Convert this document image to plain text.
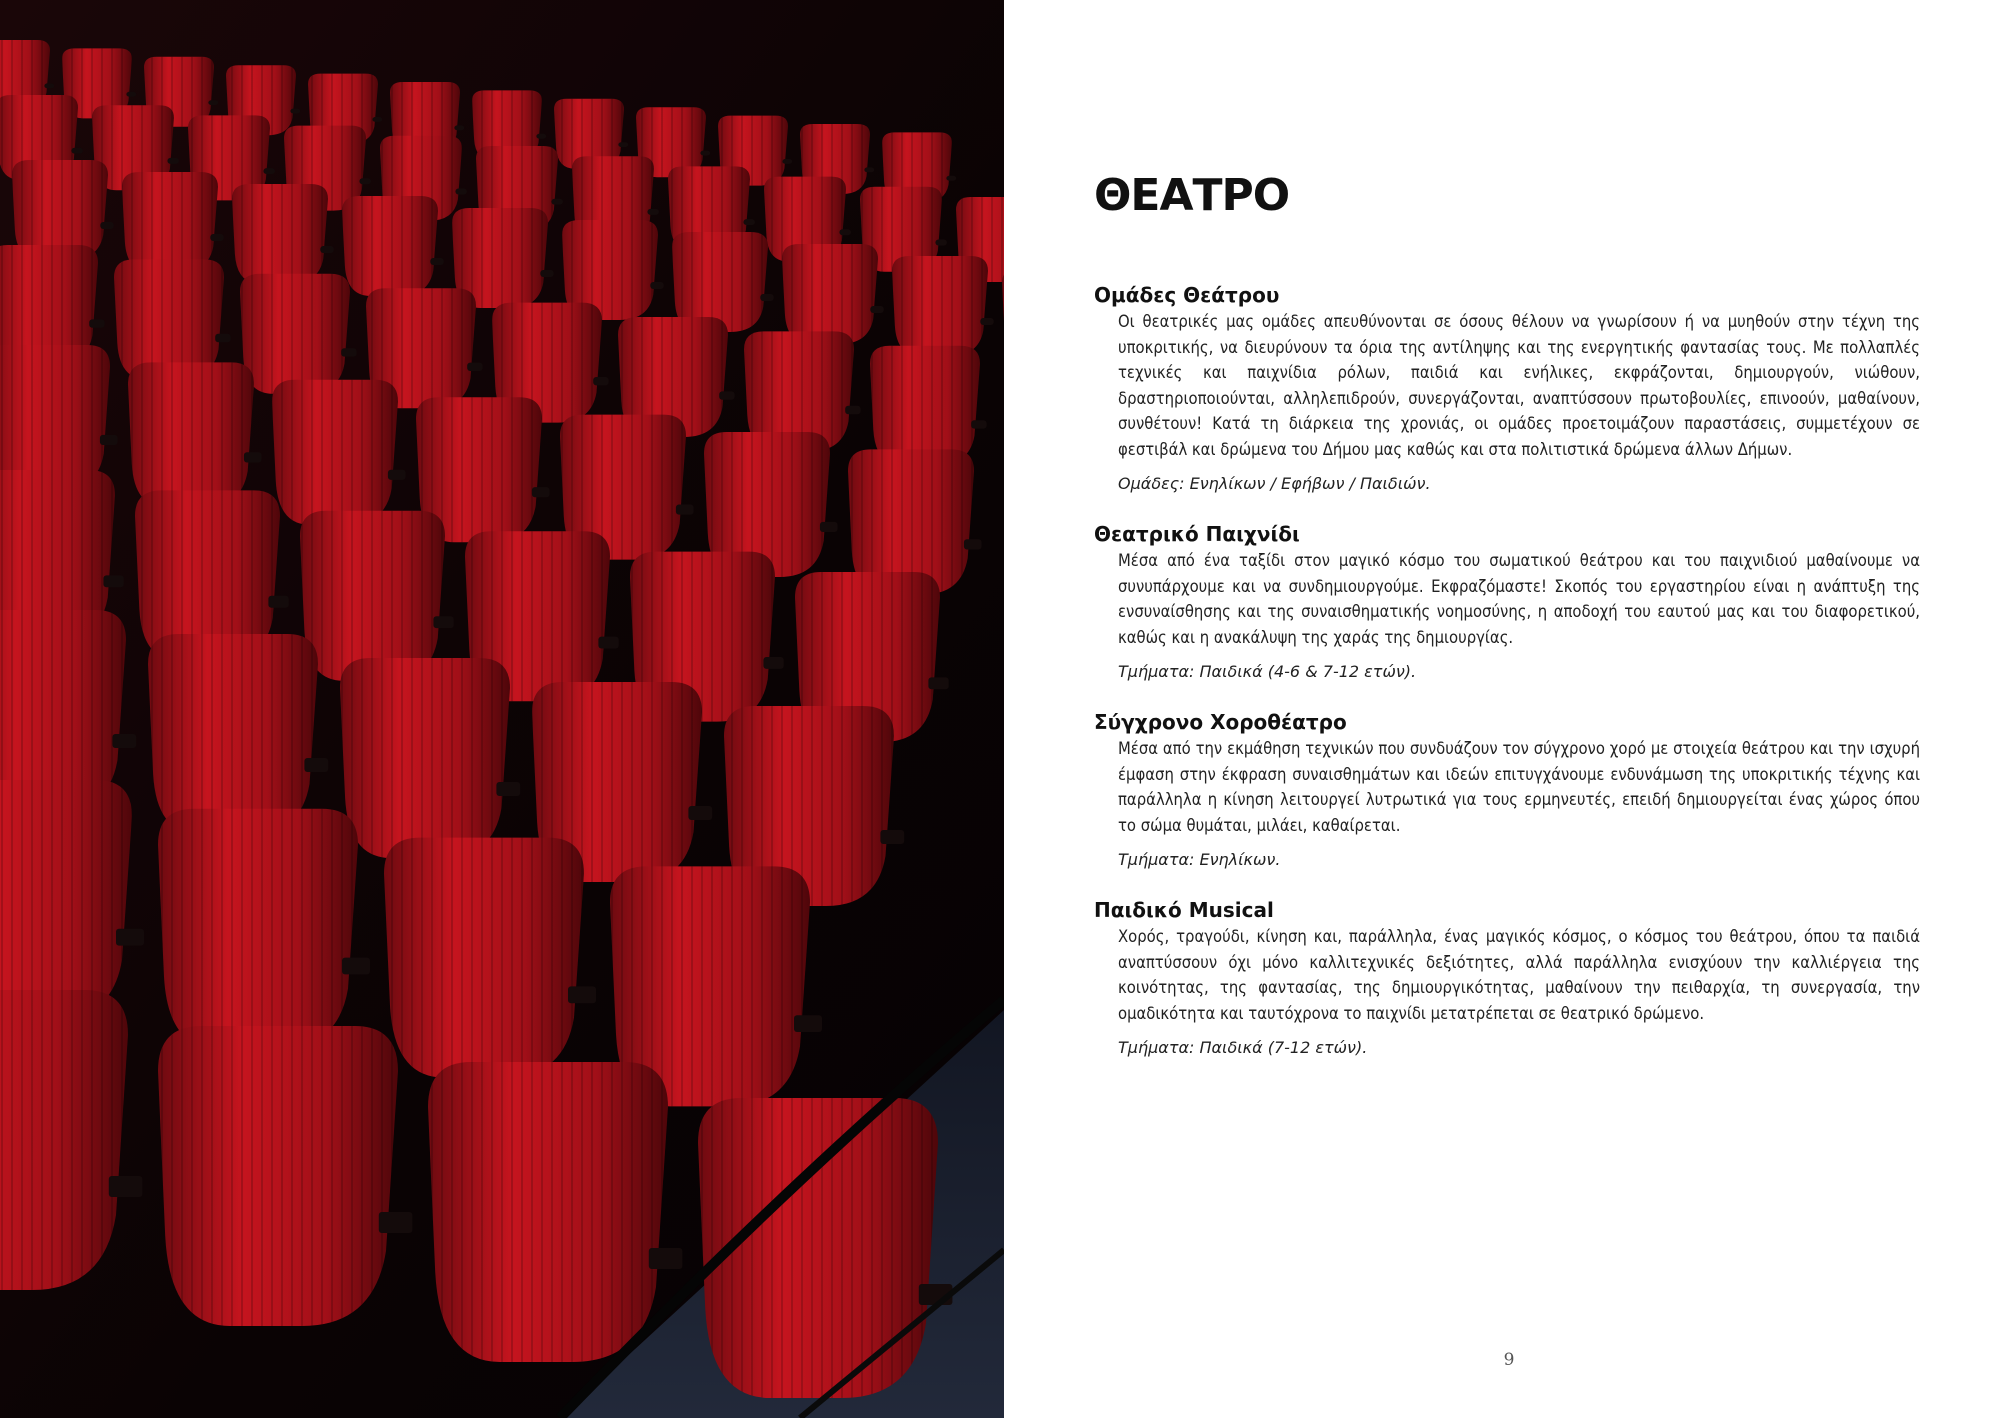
ΘΕΑΤΡΟ
Ομάδες Θεάτρου

Οι θεατρικές μας ομάδες απευθύνονται σε όσους θέλουν να γνωρίσουν ή να μυηθούν στην τέχνη της υποκριτικής, να διευρύνουν τα όρια της αντίληψης και της ενεργητικής φαντασίας τους. Με πολλαπλές τεχνικές και παιχνίδια ρόλων, παιδιά και ενήλικες, εκφράζονται, δημιουργούν, νιώθουν, δραστηριοποιούνται, αλληλεπιδρούν, συνεργάζονται, αναπτύσσουν πρωτοβουλίες, επινοούν, μαθαίνουν, συνθέτουν! Κατά τη διάρκεια της χρονιάς, οι ομάδες προετοιμάζουν παραστάσεις, συμμετέχουν σε φεστιβάλ και δρώμενα του Δήμου μας καθώς και στα πολιτιστικά δρώμενα άλλων Δήμων.

Ομάδες: Ενηλίκων / Εφήβων / Παιδιών.

Θεατρικό Παιχνίδι

Μέσα από ένα ταξίδι στον μαγικό κόσμο του σωματικού θεάτρου και του παιχνιδιού μαθαίνουμε να συνυπάρχουμε και να συνδημιουργούμε. Εκφραζόμαστε! Σκοπός του εργαστηρίου είναι η ανάπτυξη της ενσυναίσθησης και της συναισθηματικής νοημοσύνης, η αποδοχή του εαυτού μας και του διαφορετικού, καθώς και η ανακάλυψη της χαράς της δημιουργίας.

Τμήματα: Παιδικά (4-6 & 7-12 ετών).

Σύγχρονο Χοροθέατρο

Μέσα από την εκμάθηση τεχνικών που συνδυάζουν τον σύγχρονο χορό με στοιχεία θεάτρου και την ισχυρή έμφαση στην έκφραση συναισθημάτων και ιδεών επιτυγχάνουμε ενδυνάμωση της υποκριτικής τέχνης και παράλληλα η κίνηση λειτουργεί λυτρωτικά για τους ερμηνευτές, επειδή δημιουργείται ένας χώρος όπου το σώμα θυμάται, μιλάει, καθαίρεται.

Τμήματα: Ενηλίκων.

Παιδικό Musical

Χορός, τραγούδι, κίνηση και, παράλληλα, ένας μαγικός κόσμος, ο κόσμος του θεάτρου, όπου τα παιδιά αναπτύσσουν όχι μόνο καλλιτεχνικές δεξιότητες, αλλά παράλληλα ενισχύουν την καλλιέργεια της κοινότητας, της φαντασίας, της δημιουργικότητας, μαθαίνουν την πειθαρχία, τη συνεργασία, την ομαδικότητα και ταυτόχρονα το παιχνίδι μετατρέπεται σε θεατρικό δρώμενο.

Τμήματα: Παιδικά (7-12 ετών).

9
